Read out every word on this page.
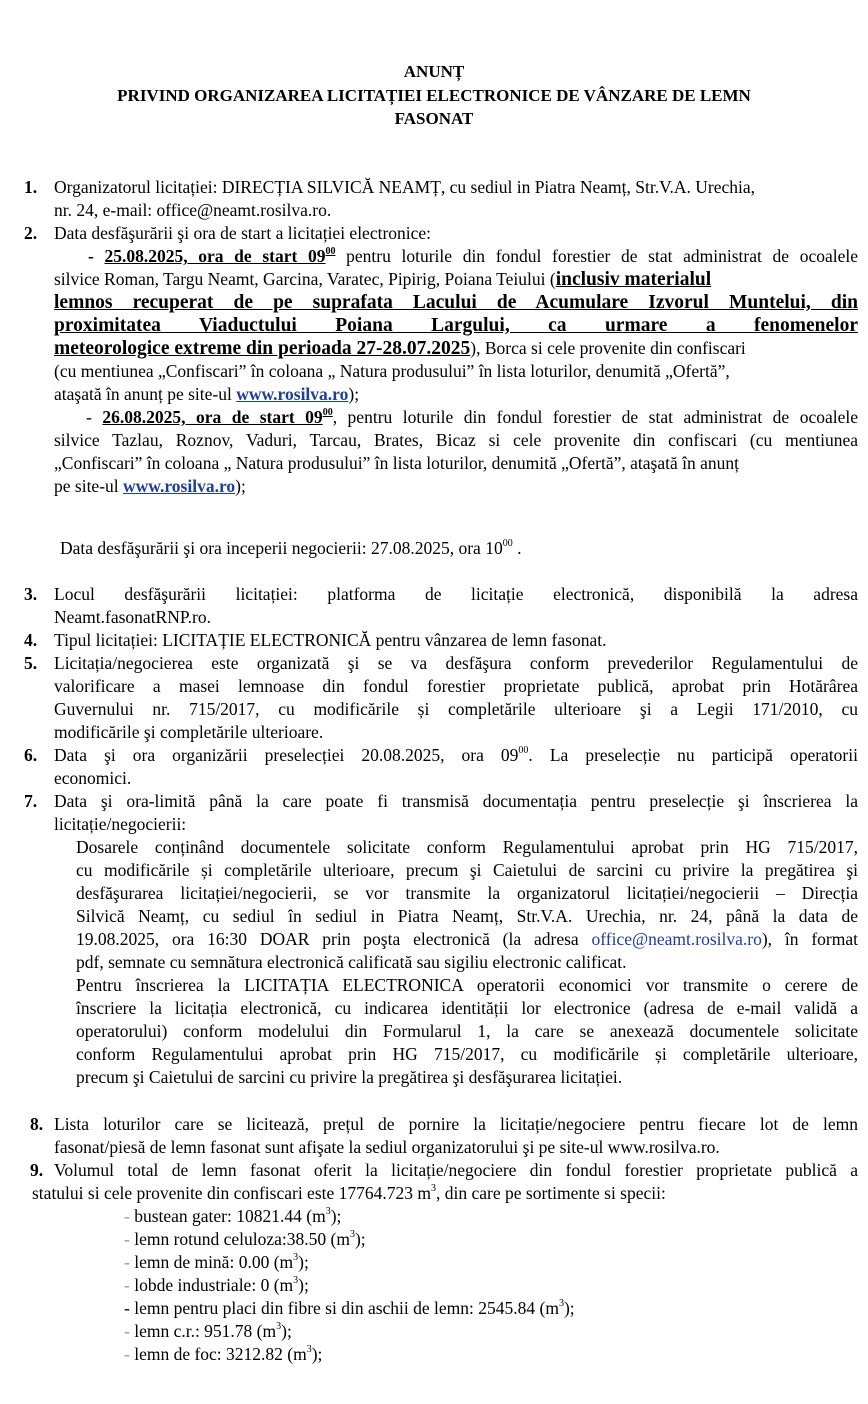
ANUNȚ
PRIVIND ORGANIZAREA LICITAȚIEI ELECTRONICE DE VÂNZARE DE LEMN
FASONAT
1. Organizatorul licitației: DIRECȚIA SILVICĂ NEAMȚ, cu sediul in Piatra Neamț, Str.V.A. Urechia,
nr. 24, e-mail: office@neamt.rosilva.ro.
2. Data desfăşurării şi ora de start a licitației electronice:
- 25.08.2025, ora de start $09^{00}$ pentru loturile din fondul forestier de stat administrat de ocoalele
silvice Roman, Targu Neamt, Garcina, Varatec, Pipirig, Poiana Teiului (inclusiv materialul
lemnos recuperat de pe suprafata Lacului de Acumulare Izvorul Muntelui, din
proximitatea Viaductului Poiana Largului, ca urmare a fenomenelor
meteorologice extreme din perioada 27-28.07.2025), Borca si cele provenite din confiscari
(cu mentiunea „Confiscari” în coloana „ Natura produsului” în lista loturilor, denumită „Ofertă”,
ataşată în anunț pe site-ul www.rosilva.ro);
- 26.08.2025, ora de start $09^{00}$, pentru loturile din fondul forestier de stat administrat de ocoalele
silvice Tazlau, Roznov, Vaduri, Tarcau, Brates, Bicaz si cele provenite din confiscari (cu mentiunea
„Confiscari” în coloana „ Natura produsului” în lista loturilor, denumită „Ofertă”, ataşată în anunț
pe site-ul www.rosilva.ro);
Data desfăşurării şi ora inceperii negocierii: 27.08.2025, ora $10^{00}$ .
3. Locul desfăşurării licitației: platforma de licitație electronică, disponibilă la adresa
Neamt.fasonatRNP.ro.
4. Tipul licitației: LICITAȚIE ELECTRONICĂ pentru vânzarea de lemn fasonat.
5. Licitația/negocierea este organizată şi se va desfăşura conform prevederilor Regulamentului de
valorificare a masei lemnoase din fondul forestier proprietate publică, aprobat prin Hotărârea
Guvernului nr. 715/2017, cu modificările și completările ulterioare şi a Legii 171/2010, cu
modificările şi completările ulterioare.
6. Data şi ora organizării preselecției 20.08.2025, ora $09^{00}$. La preselecție nu participă operatorii
economici.
7. Data şi ora-limită până la care poate fi transmisă documentația pentru preselecție şi înscrierea la
licitație/negocierii:
Dosarele conținând documentele solicitate conform Regulamentului aprobat prin HG 715/2017,
cu modificările și completările ulterioare, precum şi Caietului de sarcini cu privire la pregătirea şi
desfăşurarea licitației/negocierii, se vor transmite la organizatorul licitației/negocierii – Direcția
Silvică Neamț, cu sediul în sediul in Piatra Neamț, Str.V.A. Urechia, nr. 24, până la data de
19.08.2025, ora 16:30 DOAR prin poşta electronică (la adresa office@neamt.rosilva.ro), în format
pdf, semnate cu semnătura electronică calificată sau sigiliu electronic calificat.
Pentru înscrierea la LICITAȚIA ELECTRONICA operatorii economici vor transmite o cerere de
înscriere la licitația electronică, cu indicarea identității lor electronice (adresa de e-mail validă a
operatorului) conform modelului din Formularul 1, la care se anexează documentele solicitate
conform Regulamentului aprobat prin HG 715/2017, cu modificările și completările ulterioare,
precum şi Caietului de sarcini cu privire la pregătirea şi desfăşurarea licitației.
8. Lista loturilor care se licitează, prețul de pornire la licitație/negociere pentru fiecare lot de lemn
fasonat/piesă de lemn fasonat sunt afişate la sediul organizatorului şi pe site-ul www.rosilva.ro.
9. Volumul total de lemn fasonat oferit la licitație/negociere din fondul forestier proprietate publică a
statului si cele provenite din confiscari este 17764.723 $m^3$, din care pe sortimente si specii:
- bustean gater: 10821.44 $(m^3)$;
- lemn rotund celuloza:38.50 $(m^3)$;
- lemn de mină: 0.00 $(m^3)$;
- lobde industriale: 0 $(m^3)$;
- lemn pentru placi din fibre si din aschii de lemn: 2545.84 $(m^3)$;
- lemn c.r.: 951.78 $(m^3)$;
- lemn de foc: 3212.82 $(m^3)$;
